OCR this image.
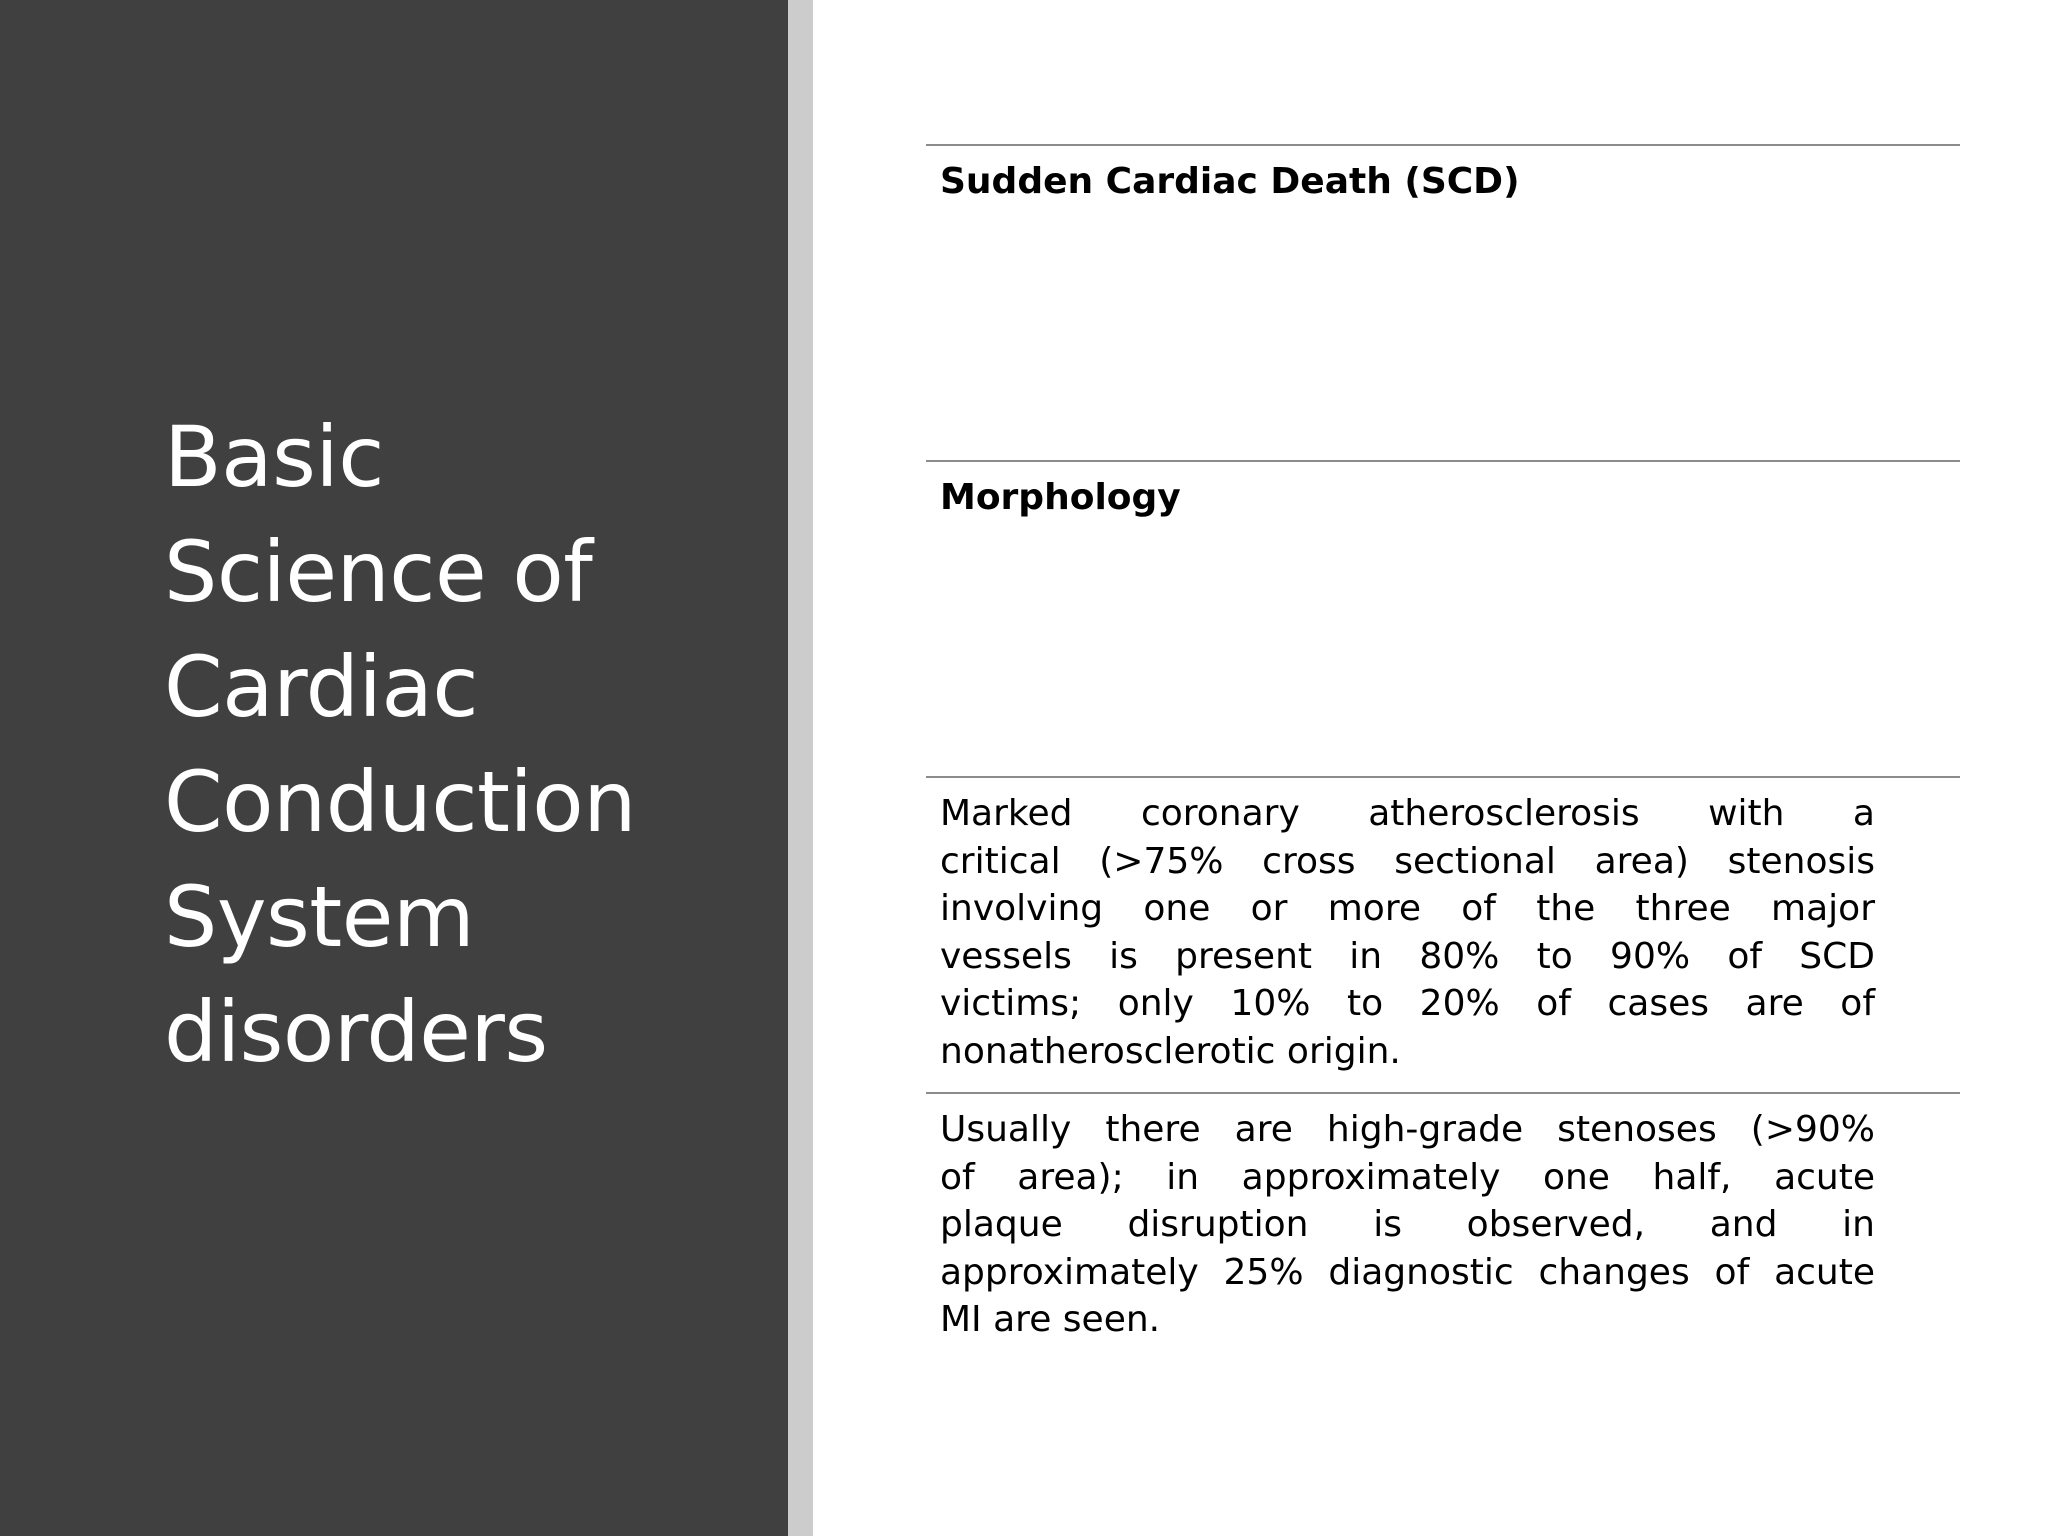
Basic
Science of
Cardiac
Conduction
System
disorders
Sudden Cardiac Death (SCD)
Morphology
Marked coronary atherosclerosis with a
critical (>75% cross sectional area) stenosis
involving one or more of the three major
vessels is present in 80% to 90% of SCD
victims; only 10% to 20% of cases are of
nonatherosclerotic origin.
Usually there are high-grade stenoses (>90%
of area); in approximately one half, acute
plaque disruption is observed, and in
approximately 25% diagnostic changes of acute
MI are seen.
